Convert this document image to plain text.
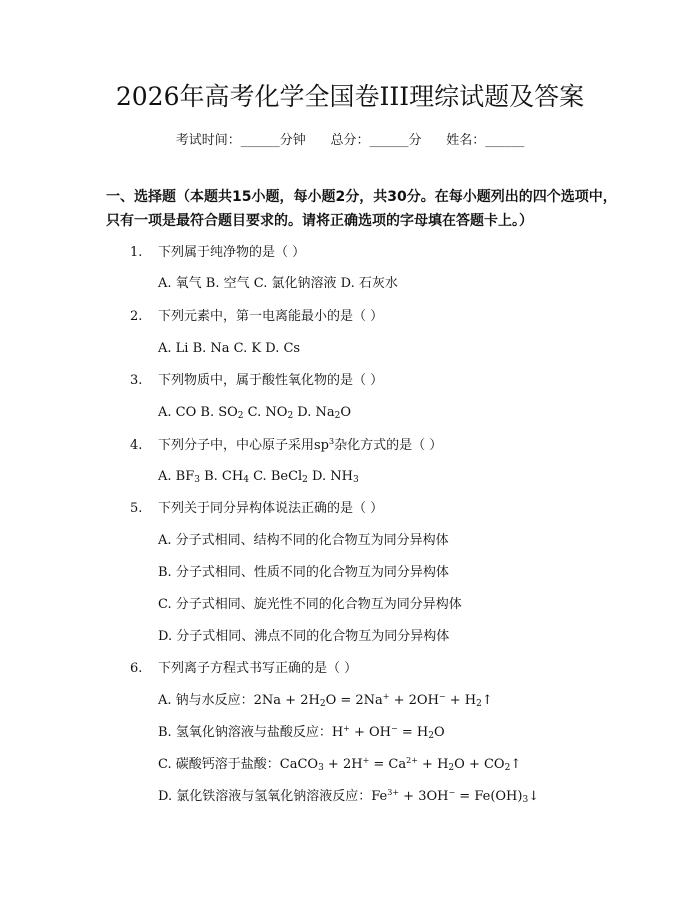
2026年高考化学全国卷III理综试题及答案
考试时间：______分钟      总分：______分      姓名：______
一、选择题（本题共15小题，每小题2分，共30分。在每小题列出的四个选项中，只有一项是最符合题目要求的。请将正确选项的字母填在答题卡上。）
1. 下列属于纯净物的是（ ）
A. 氧气 B. 空气 C. 氯化钠溶液 D. 石灰水
2. 下列元素中，第一电离能最小的是（ ）
A. Li B. Na C. K D. Cs
3. 下列物质中，属于酸性氧化物的是（ ）
A. CO B. $SO_2$ C. $NO_2$ D. $Na_2O$
4. 下列分子中，中心原子采用$sp^3$杂化方式的是（ ）
A. $BF_3$ B. $CH_4$ C. BeCl$_2$ D. $NH_3$
5. 下列关于同分异构体说法正确的是（ ）
A. 分子式相同、结构不同的化合物互为同分异构体
B. 分子式相同、性质不同的化合物互为同分异构体
C. 分子式相同、旋光性不同的化合物互为同分异构体
D. 分子式相同、沸点不同的化合物互为同分异构体
6. 下列离子方程式书写正确的是（ ）
A. 钠与水反应：$2Na + 2H_2O = 2Na^+ + 2OH^-$ + $H_2↑$
B. 氢氧化钠溶液与盐酸反应：$H^+ + OH^- = H_2O$
C. 碳酸钙溶于盐酸：CaCO$_3$ + $2H^+ = Ca^{2+} + H_2O$ + $CO_2↑$
D. 氯化铁溶液与氢氧化钠溶液反应：$Fe^{3+} + 3OH^-$ = $Fe(OH)_3↓$
